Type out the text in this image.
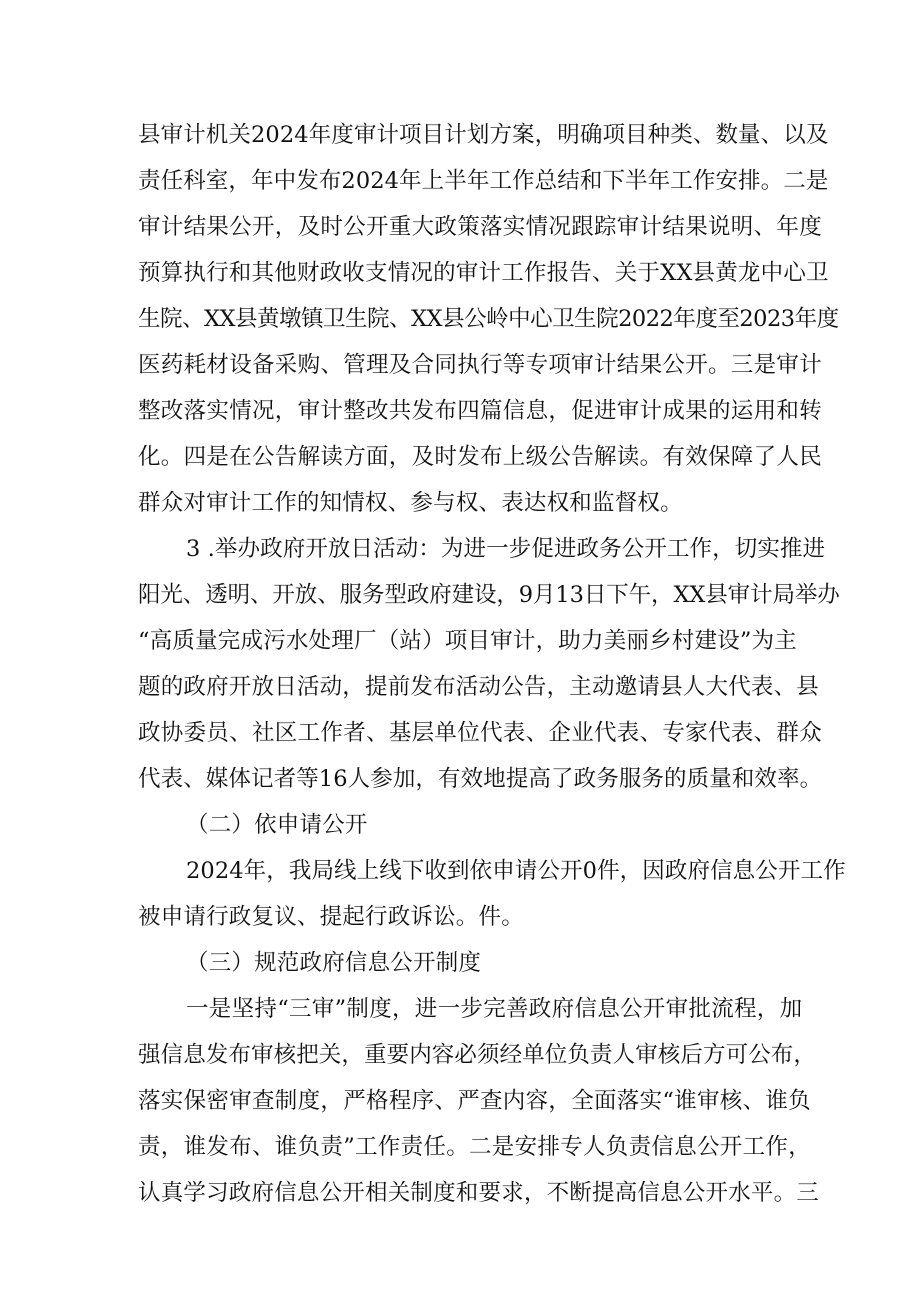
县审计机关2024年度审计项目计划方案，明确项目种类、数量、以及
责任科室，年中发布2024年上半年工作总结和下半年工作安排。二是
审计结果公开，及时公开重大政策落实情况跟踪审计结果说明、年度
预算执行和其他财政收支情况的审计工作报告、关于XX县黄龙中心卫
生院、XX县黄墩镇卫生院、XX县公岭中心卫生院2022年度至2023年度
医药耗材设备采购、管理及合同执行等专项审计结果公开。三是审计
整改落实情况，审计整改共发布四篇信息，促进审计成果的运用和转
化。四是在公告解读方面，及时发布上级公告解读。有效保障了人民
群众对审计工作的知情权、参与权、表达权和监督权。
3 .举办政府开放日活动：为进一步促进政务公开工作，切实推进
阳光、透明、开放、服务型政府建设，9月13日下午，XX县审计局举办
“高质量完成污水处理厂（站）项目审计，助力美丽乡村建设”为主
题的政府开放日活动，提前发布活动公告，主动邀请县人大代表、县
政协委员、社区工作者、基层单位代表、企业代表、专家代表、群众
代表、媒体记者等16人参加，有效地提高了政务服务的质量和效率。
（二）依申请公开
2024年，我局线上线下收到依申请公开0件，因政府信息公开工作
被申请行政复议、提起行政诉讼。件。
（三）规范政府信息公开制度
一是坚持“三审”制度，进一步完善政府信息公开审批流程，加
强信息发布审核把关，重要内容必须经单位负责人审核后方可公布，
落实保密审查制度，严格程序、严查内容，全面落实“谁审核、谁负
责，谁发布、谁负责”工作责任。二是安排专人负责信息公开工作，
认真学习政府信息公开相关制度和要求，不断提高信息公开水平。三
